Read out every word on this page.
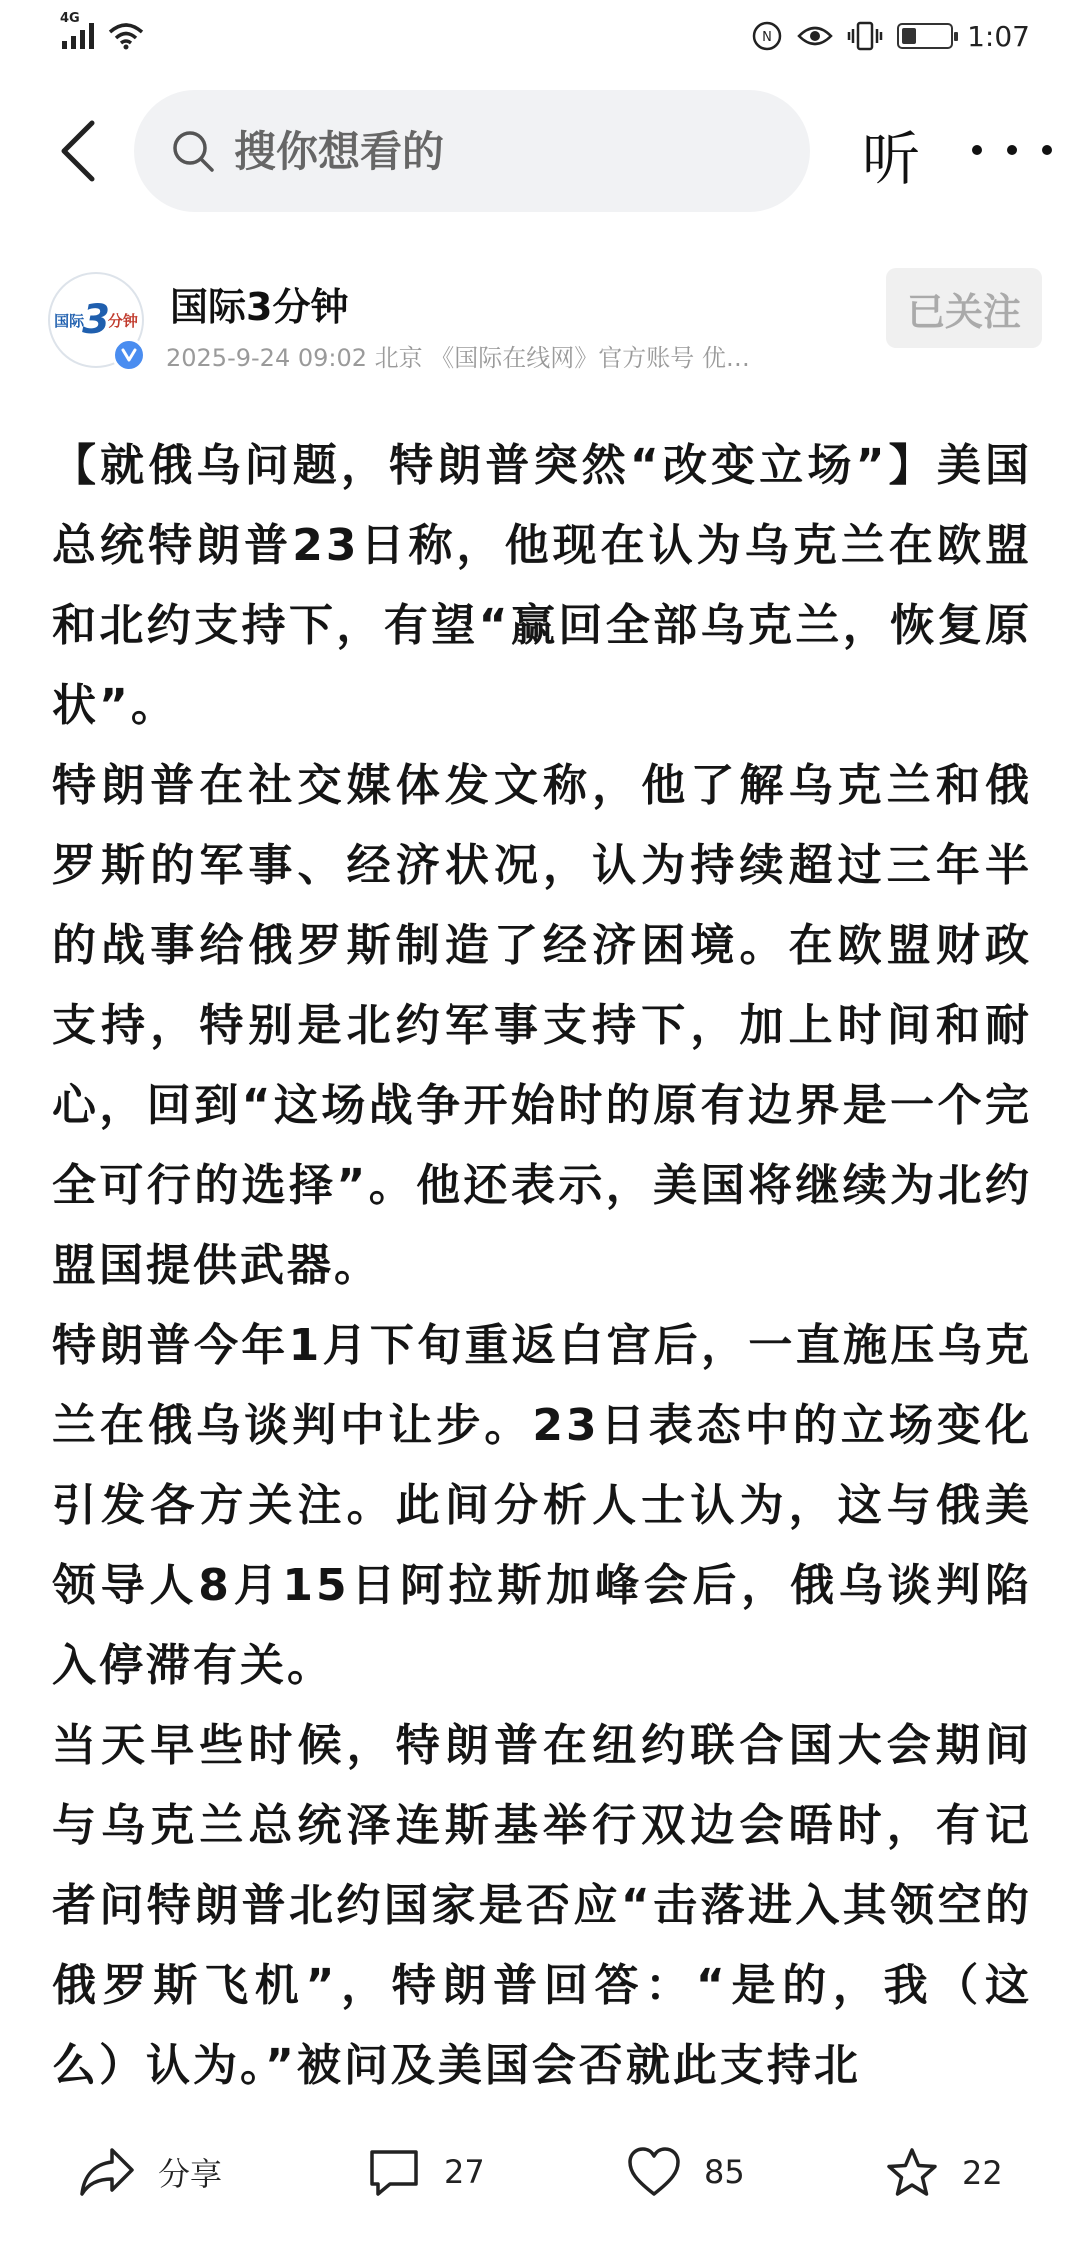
4G
N	1:07
搜你想看的
听
国际
3
分钟 国际3分钟
2025-9-24 09:02 北京 《国际在线网》官方账号 优…
已关注

【就俄乌问题，特朗普突然“改变立场”】美国总统特朗普23日称，他现在认为乌克兰在欧盟和北约支持下，有望“赢回全部乌克兰，恢复原状”。

特朗普在社交媒体发文称，他了解乌克兰和俄罗斯的军事、经济状况，认为持续超过三年半的战事给俄罗斯制造了经济困境。在欧盟财政支持，特别是北约军事支持下，加上时间和耐心，回到“这场战争开始时的原有边界是一个完全可行的选择”。他还表示，美国将继续为北约盟国提供武器。

特朗普今年1月下旬重返白宫后，一直施压乌克兰在俄乌谈判中让步。23日表态中的立场变化引发各方关注。此间分析人士认为，这与俄美领导人8月15日阿拉斯加峰会后，俄乌谈判陷入停滞有关。

当天早些时候，特朗普在纽约联合国大会期间与乌克兰总统泽连斯基举行双边会晤时，有记者问特朗普北约国家是否应“击落进入其领空的俄罗斯飞机”，特朗普回答：“是的，我（这么）认为。”被问及美国会否就此支持北

分享	27	85	22
